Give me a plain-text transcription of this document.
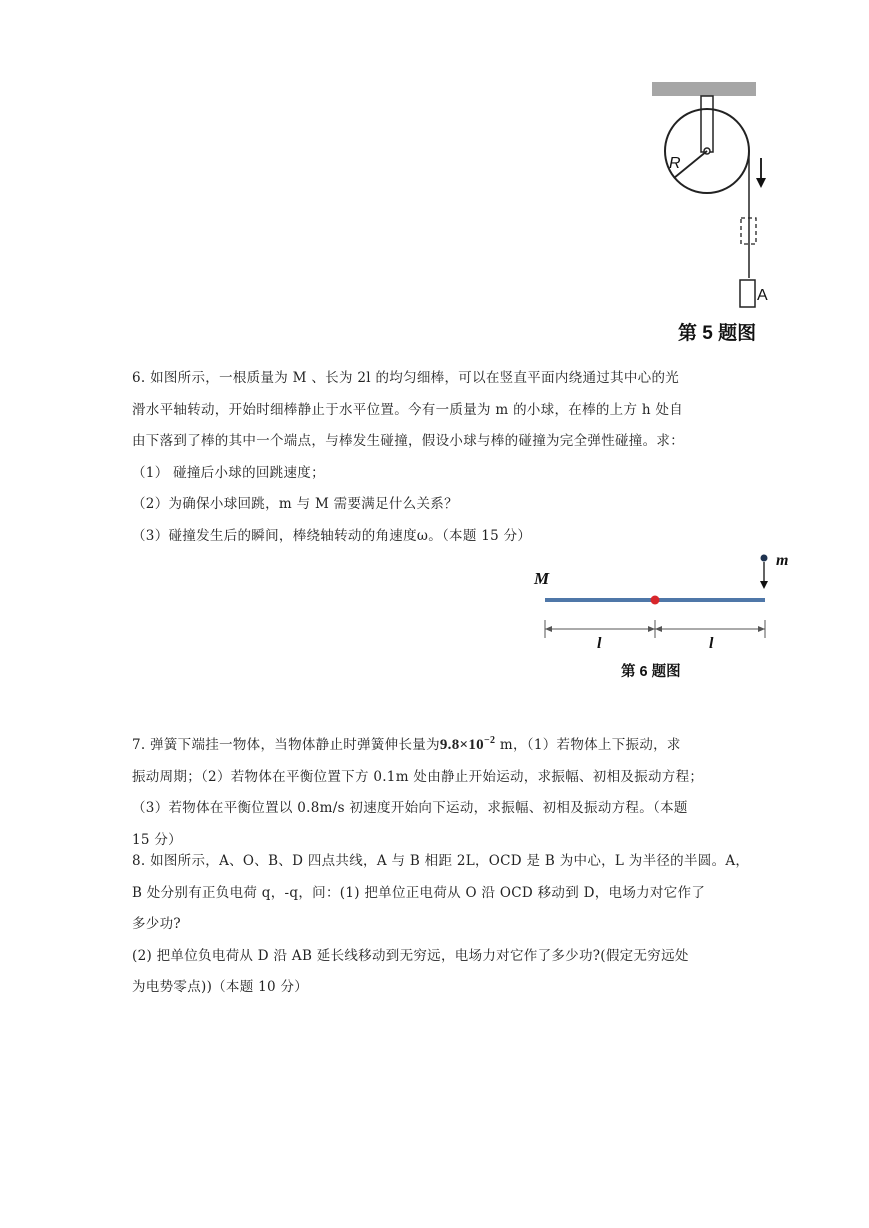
R
A
第 5 题图
6. 如图所示，一根质量为 M 、长为 2l 的均匀细棒，可以在竖直平面内绕通过其中心的光
滑水平轴转动，开始时细棒静止于水平位置。今有一质量为 m 的小球，在棒的上方 h 处自
由下落到了棒的其中一个端点，与棒发生碰撞，假设小球与棒的碰撞为完全弹性碰撞。求：
（1） 碰撞后小球的回跳速度；
（2）为确保小球回跳，m 与 M 需要满足什么关系？
（3）碰撞发生后的瞬间，棒绕轴转动的角速度ω。（本题 15 分）
M
m
l	l
第 6 题图
7. 弹簧下端挂一物体，当物体静止时弹簧伸长量为$9.8\times 10^{-2}$ m，（1）若物体上下振动，求
振动周期；（2）若物体在平衡位置下方 0.1m 处由静止开始运动，求振幅、初相及振动方程；
（3）若物体在平衡位置以 0.8m/s 初速度开始向下运动，求振幅、初相及振动方程。（本题
15 分）
8. 如图所示，A、O、B、D 四点共线，A 与 B 相距 2L，OCD 是 B 为中心，L 为半径的半圆。A，
B 处分别有正负电荷 q，-q，问：(1) 把单位正电荷从 O 沿 OCD 移动到 D，电场力对它作了
多少功?
(2) 把单位负电荷从 D 沿 AB 延长线移动到无穷远，电场力对它作了多少功?(假定无穷远处
为电势零点))（本题 10 分）
